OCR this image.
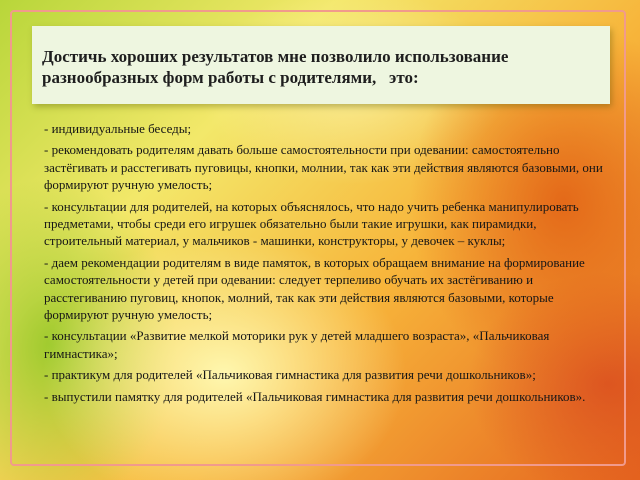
Достичь хороших результатов мне позволило использование
разнообразных форм работы с родителями,   это:

- индивидуальные беседы;

- рекомендовать родителям давать больше самостоятельности при одевании: самостоятельно застёгивать и расстегивать пуговицы, кнопки, молнии, так как эти действия являются базовыми, они формируют ручную умелость;

- консультации для родителей, на которых объяснялось, что надо учить ребенка манипулировать предметами, чтобы среди его игрушек обязательно были такие игрушки, как пирамидки, строительный материал, у мальчиков - машинки, конструкторы, у девочек – куклы;

- даем рекомендации родителям в виде памяток, в которых обращаем внимание на формирование самостоятельности у детей при одевании: следует терпеливо обучать их застёгиванию и расстегиванию пуговиц, кнопок, молний, так как эти действия являются базовыми, которые формируют ручную умелость;

- консультации «Развитие мелкой моторики рук у детей младшего возраста», «Пальчиковая гимнастика»;

- практикум для родителей «Пальчиковая гимнастика для развития речи дошкольников»;

- выпустили памятку для родителей «Пальчиковая гимнастика для развития речи дошкольников».
